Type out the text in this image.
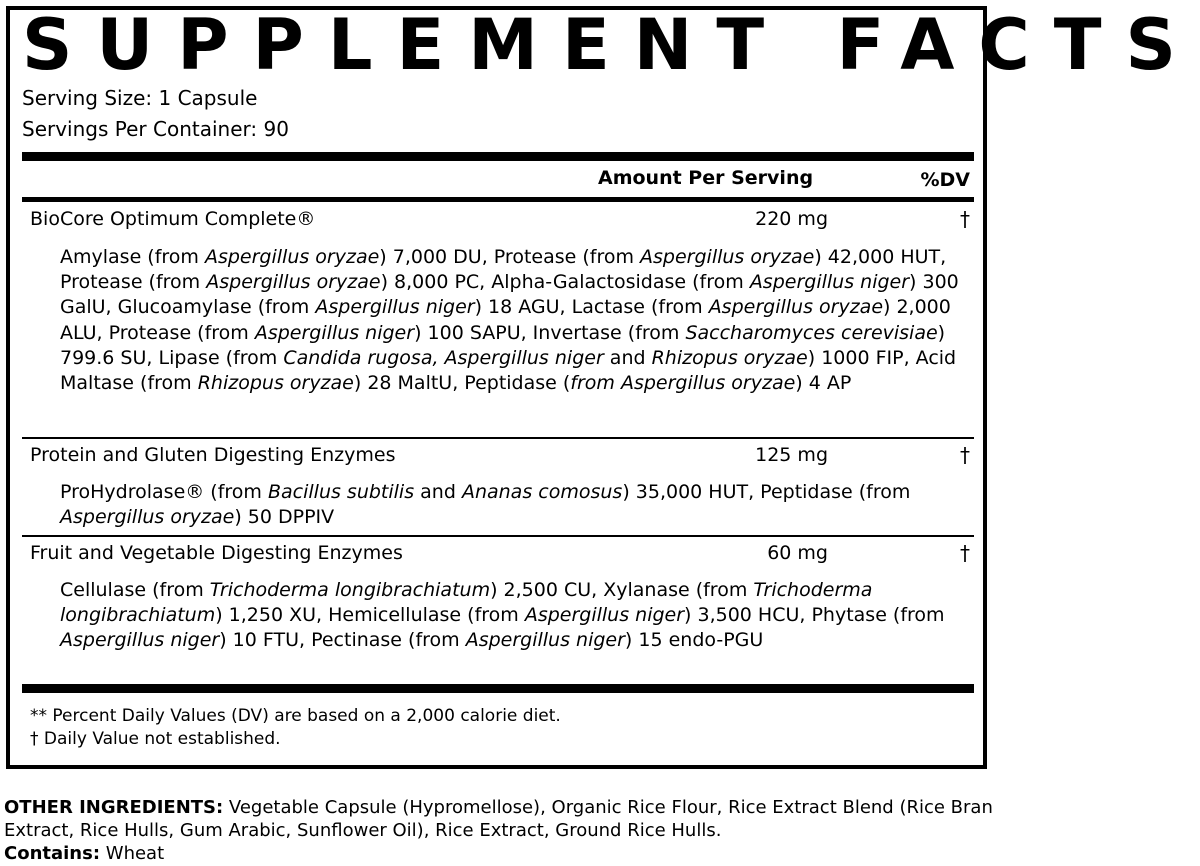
SUPPLEMENT FACTS
Serving Size: 1 Capsule
Servings Per Container: 90
Amount Per Serving	%DV
BioCore Optimum Complete®	220 mg	†

Amylase (from Aspergillus oryzae) 7,000 DU, Protease (from Aspergillus oryzae) 42,000 HUT, Protease (from Aspergillus oryzae) 8,000 PC, Alpha-Galactosidase (from Aspergillus niger) 300 GalU, Glucoamylase (from Aspergillus niger) 18 AGU, Lactase (from Aspergillus oryzae) 2,000 ALU, Protease (from Aspergillus niger) 100 SAPU, Invertase (from Saccharomyces cerevisiae) 799.6 SU, Lipase (from Candida rugosa, Aspergillus niger and Rhizopus oryzae) 1000 FIP, Acid Maltase (from Rhizopus oryzae) 28 MaltU, Peptidase (from Aspergillus oryzae) 4 AP

Protein and Gluten Digesting Enzymes	125 mg	†

ProHydrolase® (from Bacillus subtilis and Ananas comosus) 35,000 HUT, Peptidase (from Aspergillus oryzae) 50 DPPIV

Fruit and Vegetable Digesting Enzymes	60 mg	†

Cellulase (from Trichoderma longibrachiatum) 2,500 CU, Xylanase (from Trichoderma longibrachiatum) 1,250 XU, Hemicellulase (from Aspergillus niger) 3,500 HCU, Phytase (from Aspergillus niger) 10 FTU, Pectinase (from Aspergillus niger) 15 endo-PGU

** Percent Daily Values (DV) are based on a 2,000 calorie diet.
† Daily Value not established.

OTHER INGREDIENTS: Vegetable Capsule (Hypromellose), Organic Rice Flour, Rice Extract Blend (Rice Bran Extract, Rice Hulls, Gum Arabic, Sunflower Oil), Rice Extract, Ground Rice Hulls.
Contains: Wheat
